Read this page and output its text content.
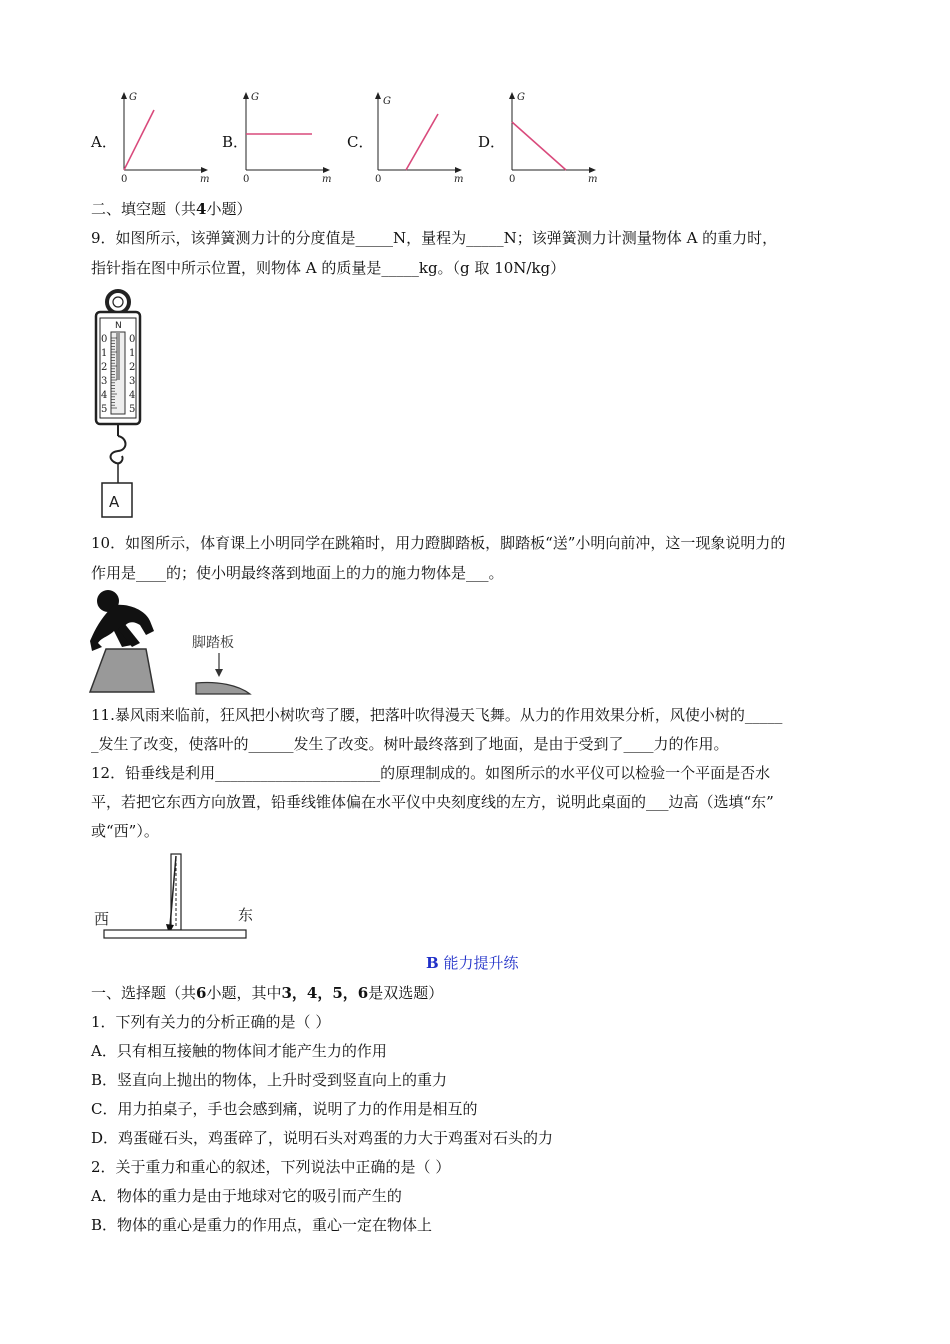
A．	B．	C．	D．
G
m
0
G
m
0
G
m
0
G
m
0
二、填空题（共4小题）
9．如图所示，该弹簧测力计的分度值是_____N，量程为_____N；该弹簧测力计测量物体 A 的重力时，
指针指在图中所示位置，则物体 A 的质量是_____kg。（g 取 10N/kg）
N
0
1
2
3
4
5
0
1
2
3
4
5
A
10．如图所示，体育课上小明同学在跳箱时，用力蹬脚踏板，脚踏板“送”小明向前冲，这一现象说明力的
作用是____的；使小明最终落到地面上的力的施力物体是___。
脚踏板
11.暴风雨来临前，狂风把小树吹弯了腰，把落叶吹得漫天飞舞。从力的作用效果分析，风使小树的_____
_发生了改变，使落叶的______发生了改变。树叶最终落到了地面，是由于受到了____力的作用。
12．铅垂线是利用______________________的原理制成的。如图所示的水平仪可以检验一个平面是否水
平，若把它东西方向放置，铅垂线锥体偏在水平仪中央刻度线的左方，说明此桌面的___边高（选填“东”
或“西”）。
西	东
B 能力提升练
一、选择题（共6小题，其中3，4，5，6是双选题）
1．下列有关力的分析正确的是（ ）
A．只有相互接触的物体间才能产生力的作用
B．竖直向上抛出的物体，上升时受到竖直向上的重力
C．用力拍桌子，手也会感到痛，说明了力的作用是相互的
D．鸡蛋碰石头，鸡蛋碎了，说明石头对鸡蛋的力大于鸡蛋对石头的力
2．关于重力和重心的叙述，下列说法中正确的是（ ）
A．物体的重力是由于地球对它的吸引而产生的
B．物体的重心是重力的作用点，重心一定在物体上
